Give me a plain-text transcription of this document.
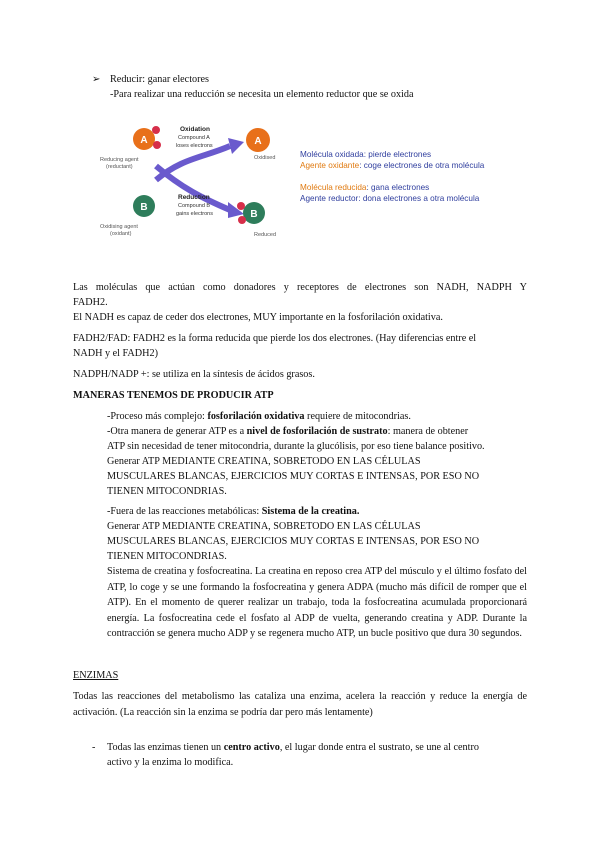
➢ Reducir: ganar electores
-Para realizar una reducción se necesita un elemento reductor que se oxida
A
Reducing agent
(reductant)
B
Oxidising agent
(oxidant)
Oxidation
Compound A
loses electrons
Reduction
Compound B
gains electrons
A
Oxidised
B
Reduced
Molécula oxidada: pierde electrones
Agente oxidante: coge electrones de otra molécula
Molécula reducida: gana electrones
Agente reductor: dona electrones a otra molécula
Las moléculas que actúan como donadores y receptores de electrones son NADH, NADPH Y
FADH2.
El NADH es capaz de ceder dos electrones, MUY importante en la fosforilación oxidativa.
FADH2/FAD: FADH2 es la forma reducida que pierde los dos electrones. (Hay diferencias entre el
NADH y el FADH2)
NADPH/NADP +: se utiliza en la síntesis de ácidos grasos.
MANERAS TENEMOS DE PRODUCIR ATP
-Proceso más complejo: fosforilación oxidativa requiere de mitocondrias.
-Otra manera de generar ATP es a nivel de fosforilación de sustrato: manera de obtener
ATP sin necesidad de tener mitocondria, durante la glucólisis, por eso tiene balance positivo.
Generar ATP MEDIANTE CREATINA, SOBRETODO EN LAS CÉLULAS
MUSCULARES BLANCAS, EJERCICIOS MUY CORTAS E INTENSAS, POR ESO NO
TIENEN MITOCONDRIAS.
-Fuera de las reacciones metabólicas: Sistema de la creatina.
Generar ATP MEDIANTE CREATINA, SOBRETODO EN LAS CÉLULAS
MUSCULARES BLANCAS, EJERCICIOS MUY CORTAS E INTENSAS, POR ESO NO
TIENEN MITOCONDRIAS.
Sistema de creatina y fosfocreatina. La creatina en reposo crea ATP del músculo y el último fosfato del ATP, lo coge y se une formando la fosfocreatina y genera ADPA (mucho más difícil de romper que el ATP). En el momento de querer realizar un trabajo, toda la fosfocreatina acumulada proporcionará energía. La fosfocreatina cede el fosfato al ADP de vuelta, generando creatina y ADP. Durante la contracción se genera mucho ADP y se regenera mucho ATP, un bucle positivo que dura 30 segundos.
ENZIMAS
Todas las reacciones del metabolismo las cataliza una enzima, acelera la reacción y reduce la energía de activación. (La reacción sin la enzima se podría dar pero más lentamente)
- Todas las enzimas tienen un centro activo, el lugar donde entra el sustrato, se une al centro
activo y la enzima lo modifica.
